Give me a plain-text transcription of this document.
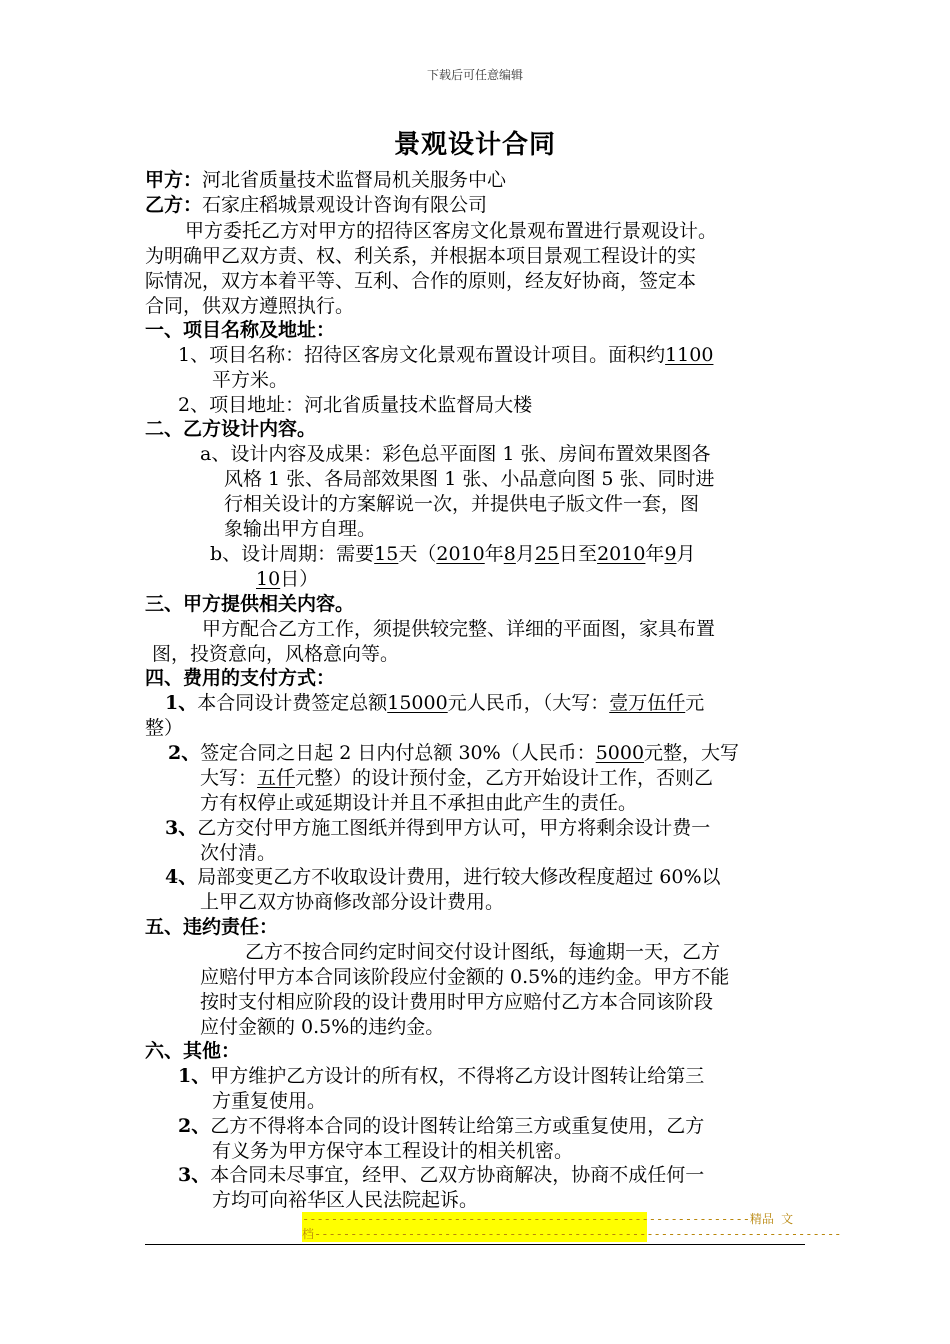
下载后可任意编辑
景观设计合同
甲方：河北省质量技术监督局机关服务中心
乙方：石家庄稻城景观设计咨询有限公司
甲方委托乙方对甲方的招待区客房文化景观布置进行景观设计。
为明确甲乙双方责、权、利关系，并根据本项目景观工程设计的实
际情况，双方本着平等、互利、合作的原则，经友好协商，签定本
合同，供双方遵照执行。
一、项目名称及地址：
1、项目名称：招待区客房文化景观布置设计项目。面积约1100
平方米。
2、项目地址：河北省质量技术监督局大楼
二、乙方设计内容。
a、设计内容及成果：彩色总平面图 1 张、房间布置效果图各
风格 1 张、各局部效果图 1 张、小品意向图 5 张、同时进
行相关设计的方案解说一次，并提供电子版文件一套，图
象输出甲方自理。
b、设计周期：需要15天（2010年8月25日至2010年9月
10日）
三、甲方提供相关内容。
甲方配合乙方工作，须提供较完整、详细的平面图，家具布置
图，投资意向，风格意向等。
四、费用的支付方式：
1、本合同设计费签定总额15000元人民币，（大写：壹万伍仟元
整）
2、签定合同之日起 2 日内付总额 30%（人民币：5000元整，大写
大写：五仟元整）的设计预付金，乙方开始设计工作，否则乙
方有权停止或延期设计并且不承担由此产生的责任。
3、乙方交付甲方施工图纸并得到甲方认可，甲方将剩余设计费一
次付清。
4、局部变更乙方不收取设计费用，进行较大修改程度超过 60%以
上甲乙双方协商修改部分设计费用。
五、违约责任：
乙方不按合同约定时间交付设计图纸，每逾期一天，乙方
应赔付甲方本合同该阶段应付金额的 0.5%的违约金。甲方不能
按时支付相应阶段的设计费用时甲方应赔付乙方本合同该阶段
应付金额的 0.5%的违约金。
六、其他：
1、甲方维护乙方设计的所有权，不得将乙方设计图转让给第三
方重复使用。
2、乙方不得将本合同的设计图转让给第三方或重复使用，乙方
有义务为甲方保守本工程设计的相关机密。
3、本合同未尽事宜，经甲、乙双方协商解决，协商不成任何一
方均可向裕华区人民法院起诉。
--------------------------------------------------------------精品 文
档-------------------------------------------------------------------------
